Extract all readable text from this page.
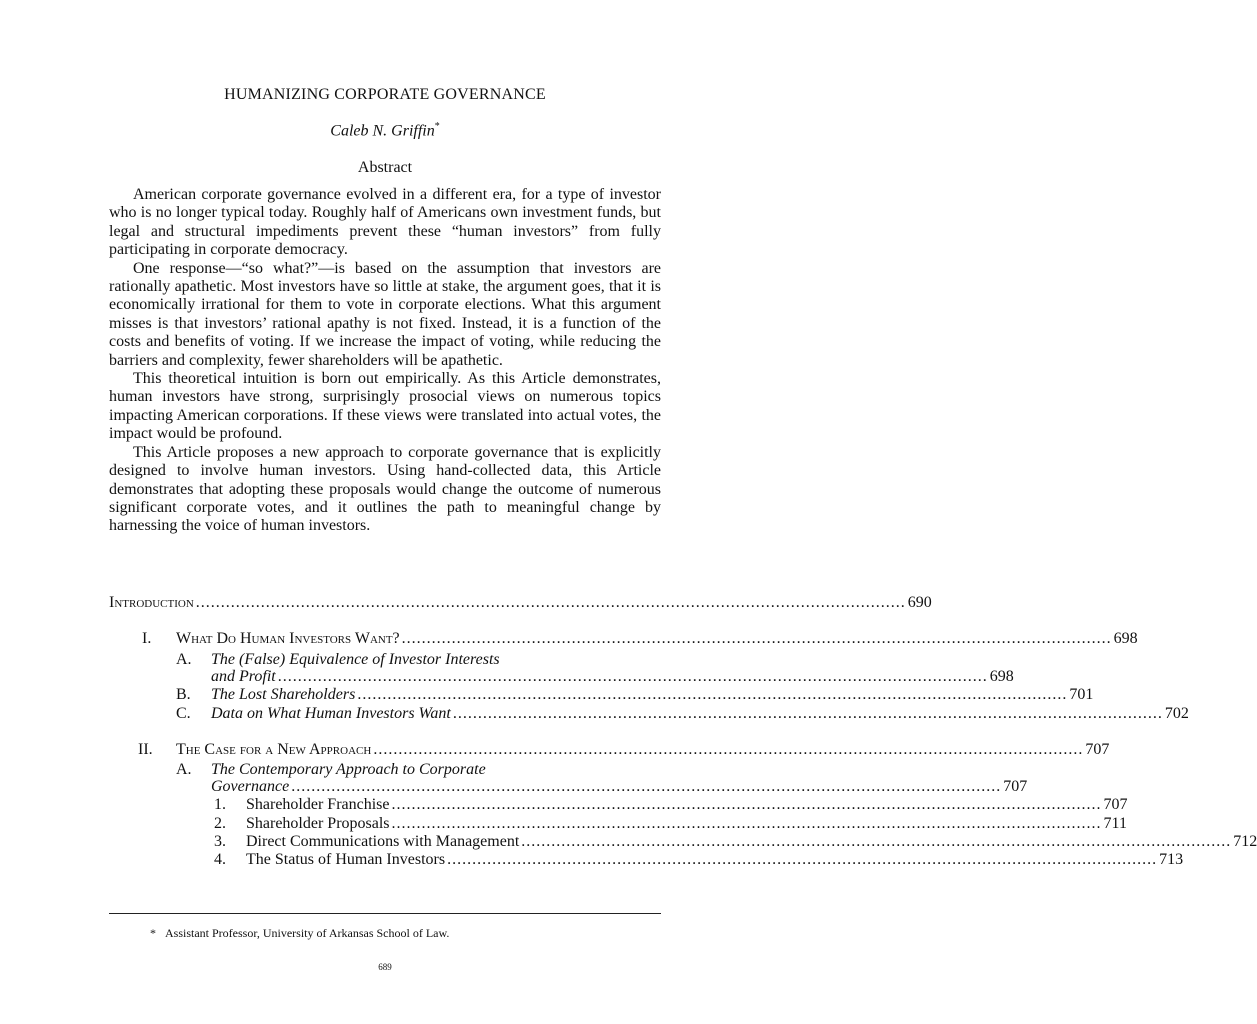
HUMANIZING CORPORATE GOVERNANCE
Caleb N. Griffin*
Abstract

American corporate governance evolved in a different era, for a type of investor who is no longer typical today. Roughly half of Americans own investment funds, but legal and structural impediments prevent these “human investors” from fully participating in corporate democracy.

One response—“so what?”—is based on the assumption that investors are rationally apathetic. Most investors have so little at stake, the argument goes, that it is economically irrational for them to vote in corporate elections. What this argument misses is that investors’ rational apathy is not fixed. Instead, it is a function of the costs and benefits of voting. If we increase the impact of voting, while reducing the barriers and complexity, fewer shareholders will be apathetic.

This theoretical intuition is born out empirically. As this Article demonstrates, human investors have strong, surprisingly prosocial views on numerous topics impacting American corporations. If these views were translated into actual votes, the impact would be profound.

This Article proposes a new approach to corporate governance that is explicitly designed to involve human investors. Using hand-collected data, this Article demonstrates that adopting these proposals would change the outcome of numerous significant corporate votes, and it outlines the path to meaningful change by harnessing the voice of human investors.

Introduction .............................................................................................................................................. 690
I. What Do Human Investors Want? .............................................................................................................................................. 698
A. The (False) Equivalence of Investor Interests
and Profit .............................................................................................................................................. 698
B. The Lost Shareholders .............................................................................................................................................. 701
C. Data on What Human Investors Want .............................................................................................................................................. 702
II. The Case for a New Approach .............................................................................................................................................. 707
A. The Contemporary Approach to Corporate
Governance .............................................................................................................................................. 707
1. Shareholder Franchise .............................................................................................................................................. 707
2. Shareholder Proposals .............................................................................................................................................. 711
3. Direct Communications with Management .............................................................................................................................................. 712
4. The Status of Human Investors .............................................................................................................................................. 713
* Assistant Professor, University of Arkansas School of Law.
689
